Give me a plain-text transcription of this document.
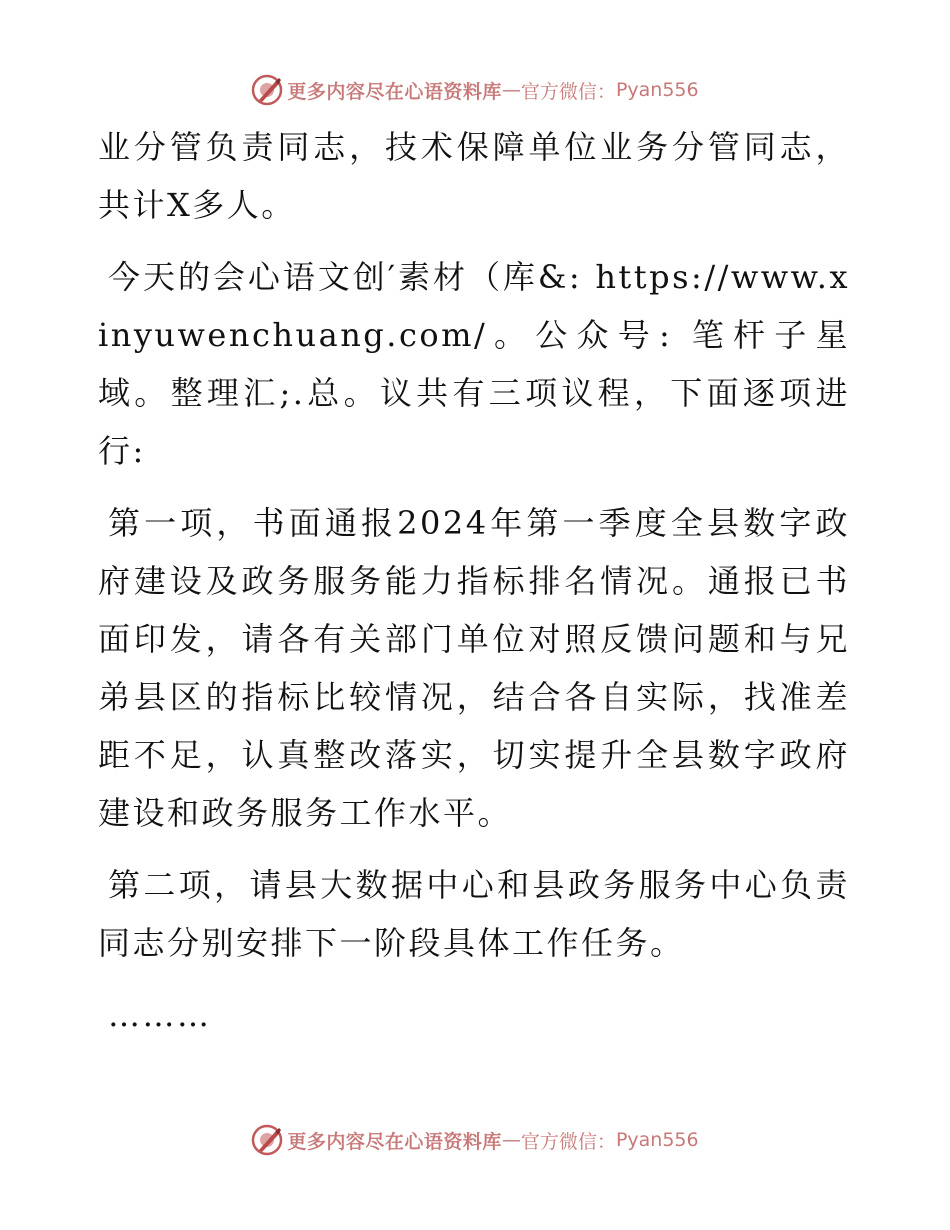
更多内容尽在心语资料库 — 官方微信： Pyan556

业分管负责同志，技术保障单位业务分管同志，共计X多人。

今天的会心语文创′素材（库&: https://www.xinyuwenchuang.com/。公众号: 笔杆子星域。整理汇;.总。议共有三项议程，下面逐项进行:

第一项，书面通报2024年第一季度全县数字政府建设及政务服务能力指标排名情况。通报已书面印发，请各有关部门单位对照反馈问题和与兄弟县区的指标比较情况，结合各自实际，找准差距不足，认真整改落实，切实提升全县数字政府建设和政务服务工作水平。

第二项，请县大数据中心和县政务服务中心负责同志分别安排下一阶段具体工作任务。

………

更多内容尽在心语资料库 — 官方微信： Pyan556
